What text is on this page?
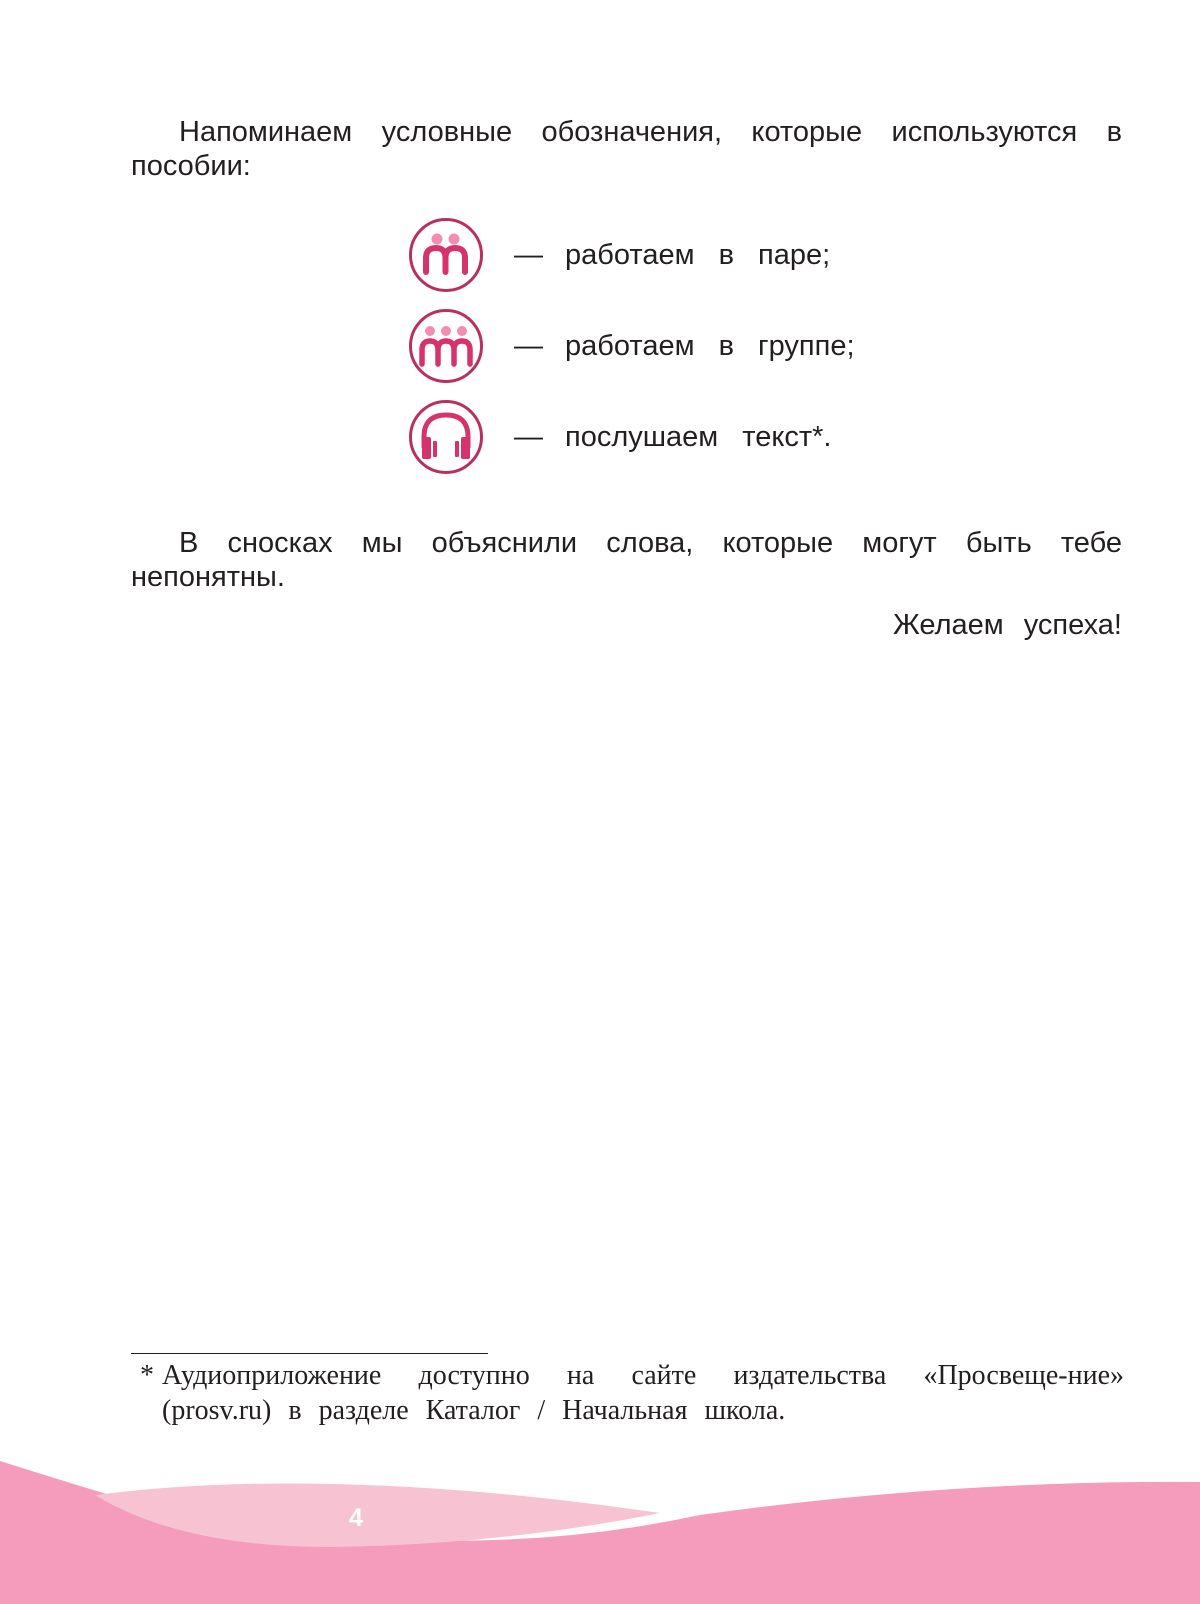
Напоминаем условные обозначения, которые используются в пособии:

— работаем в паре;
— работаем в группе;
— послушаем текст*.

В сносках мы объяснили слова, которые могут быть тебе непонятны.

Желаем успеха!

* Аудиоприложение доступно на сайте издательства «Просвеще-ние» (prosv.ru) в разделе Каталог / Начальная школа.

4
